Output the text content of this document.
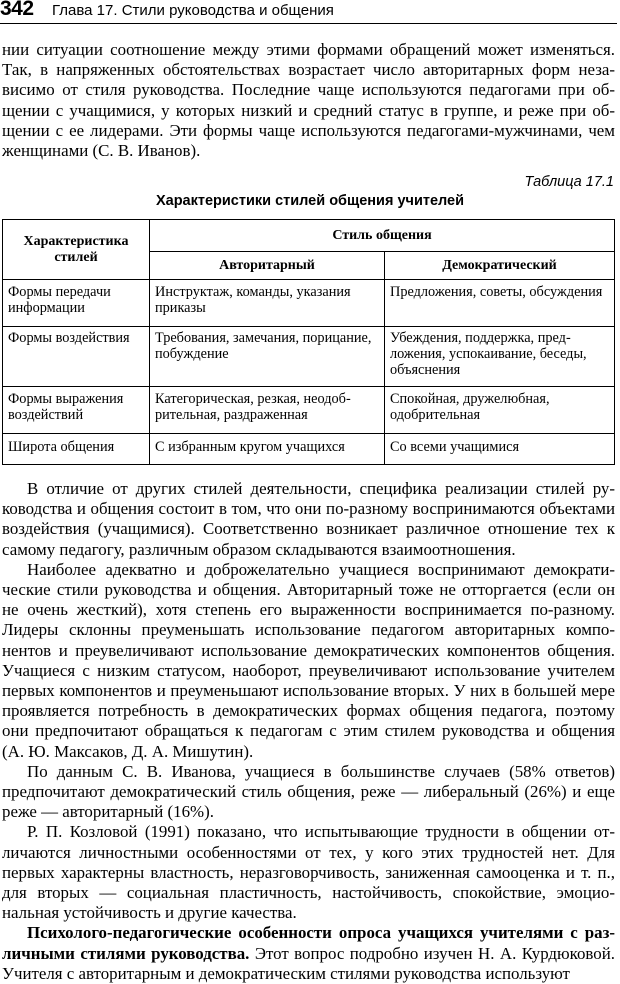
342 Глава 17. Стили руководства и общения

нии ситуации соотношение между этими формами обращений может изменяться. Так, в напряженных обстоятельствах возрастает число авторитарных форм независимо от стиля руководства. Последние чаще используются педагогами при общении с учащимися, у которых низкий и средний статус в группе, и реже при общении с ее лидерами. Эти формы чаще используются педагогами-мужчинами, чем женщинами (С. В. Иванов).

Таблица 17.1
Характеристики стилей общения учителей
Характеристика стилей	Стиль общения	
	Авторитарный	Демократический
Формы передачи информации	Инструктаж, команды, указания приказы	Предложения, советы, обсуждения
Формы воздействия	Требования, замечания, порицание, побуждение	Убеждения, поддержка, предложения, успокаивание, беседы, объяснения
Формы выражения воздействий	Категорическая, резкая, неодобрительная, раздраженная	Спокойная, дружелюбная, одобрительная
Широта общения	С избранным кругом учащихся	Со всеми учащимися

В отличие от других стилей деятельности, специфика реализации стилей руководства и общения состоит в том, что они по-разному воспринимаются объектами воздействия (учащимися). Соответственно возникает различное отношение тех к самому педагогу, различным образом складываются взаимоотношения.

Наиболее адекватно и доброжелательно учащиеся воспринимают демократические стили руководства и общения. Авторитарный тоже не отторгается (если он не очень жесткий), хотя степень его выраженности воспринимается по-разному. Лидеры склонны преуменьшать использование педагогом авторитарных компонентов и преувеличивают использование демократических компонентов общения. Учащиеся с низким статусом, наоборот, преувеличивают использование учителем первых компонентов и преуменьшают использование вторых. У них в большей мере проявляется потребность в демократических формах общения педагога, поэтому они предпочитают обращаться к педагогам с этим стилем руководства и общения (А. Ю. Максаков, Д. А. Мишутин).

По данным С. В. Иванова, учащиеся в большинстве случаев (58% ответов) предпочитают демократический стиль общения, реже — либеральный (26%) и еще реже — авторитарный (16%).

Р. П. Козловой (1991) показано, что испытывающие трудности в общении отличаются личностными особенностями от тех, у кого этих трудностей нет. Для первых характерны властность, неразговорчивость, заниженная самооценка и т. п., для вторых — социальная пластичность, настойчивость, спокойствие, эмоциональная устойчивость и другие качества.

Психолого-педагогические особенности опроса учащихся учителями с различными стилями руководства. Этот вопрос подробно изучен Н. А. Курдюковой. Учителя с авторитарным и демократическим стилями руководства используют
